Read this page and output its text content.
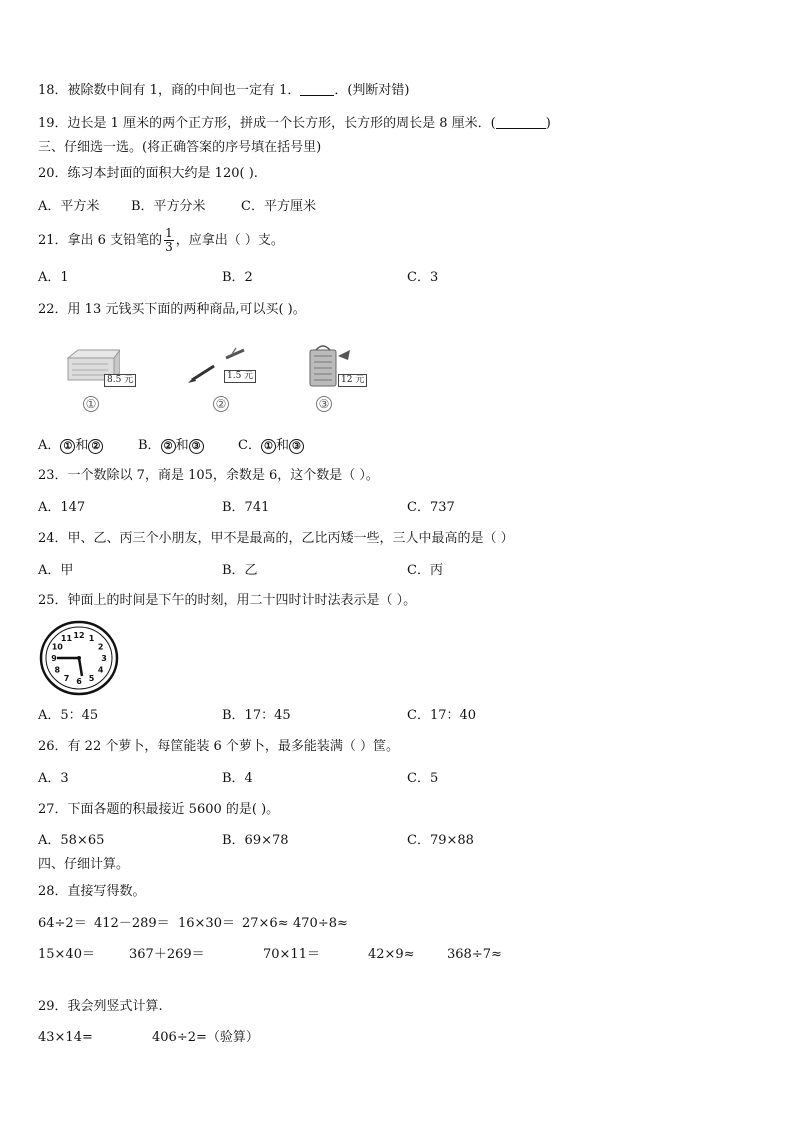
18．被除数中间有 1，商的中间也一定有 1．	．(判断对错)
19．边长是 1 厘米的两个正方形，拼成一个长方形，长方形的周长是 8 厘米．(	)
三、仔细选一选。(将正确答案的序号填在括号里)
20．练习本封面的面积大约是 120( ).
A．平方米 B．平方分米	C．平方厘米
21．拿出 6 支铅笔的 $\frac{1}{3}$ ，应拿出（ ）支。
A．1	B．2	C．3
22．用 13 元钱买下面的两种商品,可以买( )。
8.5 元
①
1.5 元
②
12 元
③
A． ① 和 ②	B． ② 和 ③	C． ① 和 ③
23．一个数除以 7，商是 105，余数是 6，这个数是（ ）。
A．147	B．741	C．737
24．甲、乙、丙三个小朋友，甲不是最高的，乙比丙矮一些，三人中最高的是（ ）
A．甲	B．乙	C．丙
25．钟面上的时间是下午的时刻，用二十四时计时法表示是（ ）。
12 1
2
3
4
5
6
7
8
9
10
11
A．5：45	B．17：45	C．17：40
26．有 22 个萝卜，每筐能装 6 个萝卜，最多能装满（ ）筐。
A．3	B．4	C．5
27．下面各题的积最接近 5600 的是( )。
A．58×65	B．69×78	C．79×88
四、仔细计算。
28．直接写得数。
64÷2＝ 412－289＝ 16×30＝ 27×6≈ 470÷8≈
15×40＝	367＋269＝	70×11＝	42×9≈ 368÷7≈
29．我会列竖式计算.
43×14=	406÷2=（验算）
